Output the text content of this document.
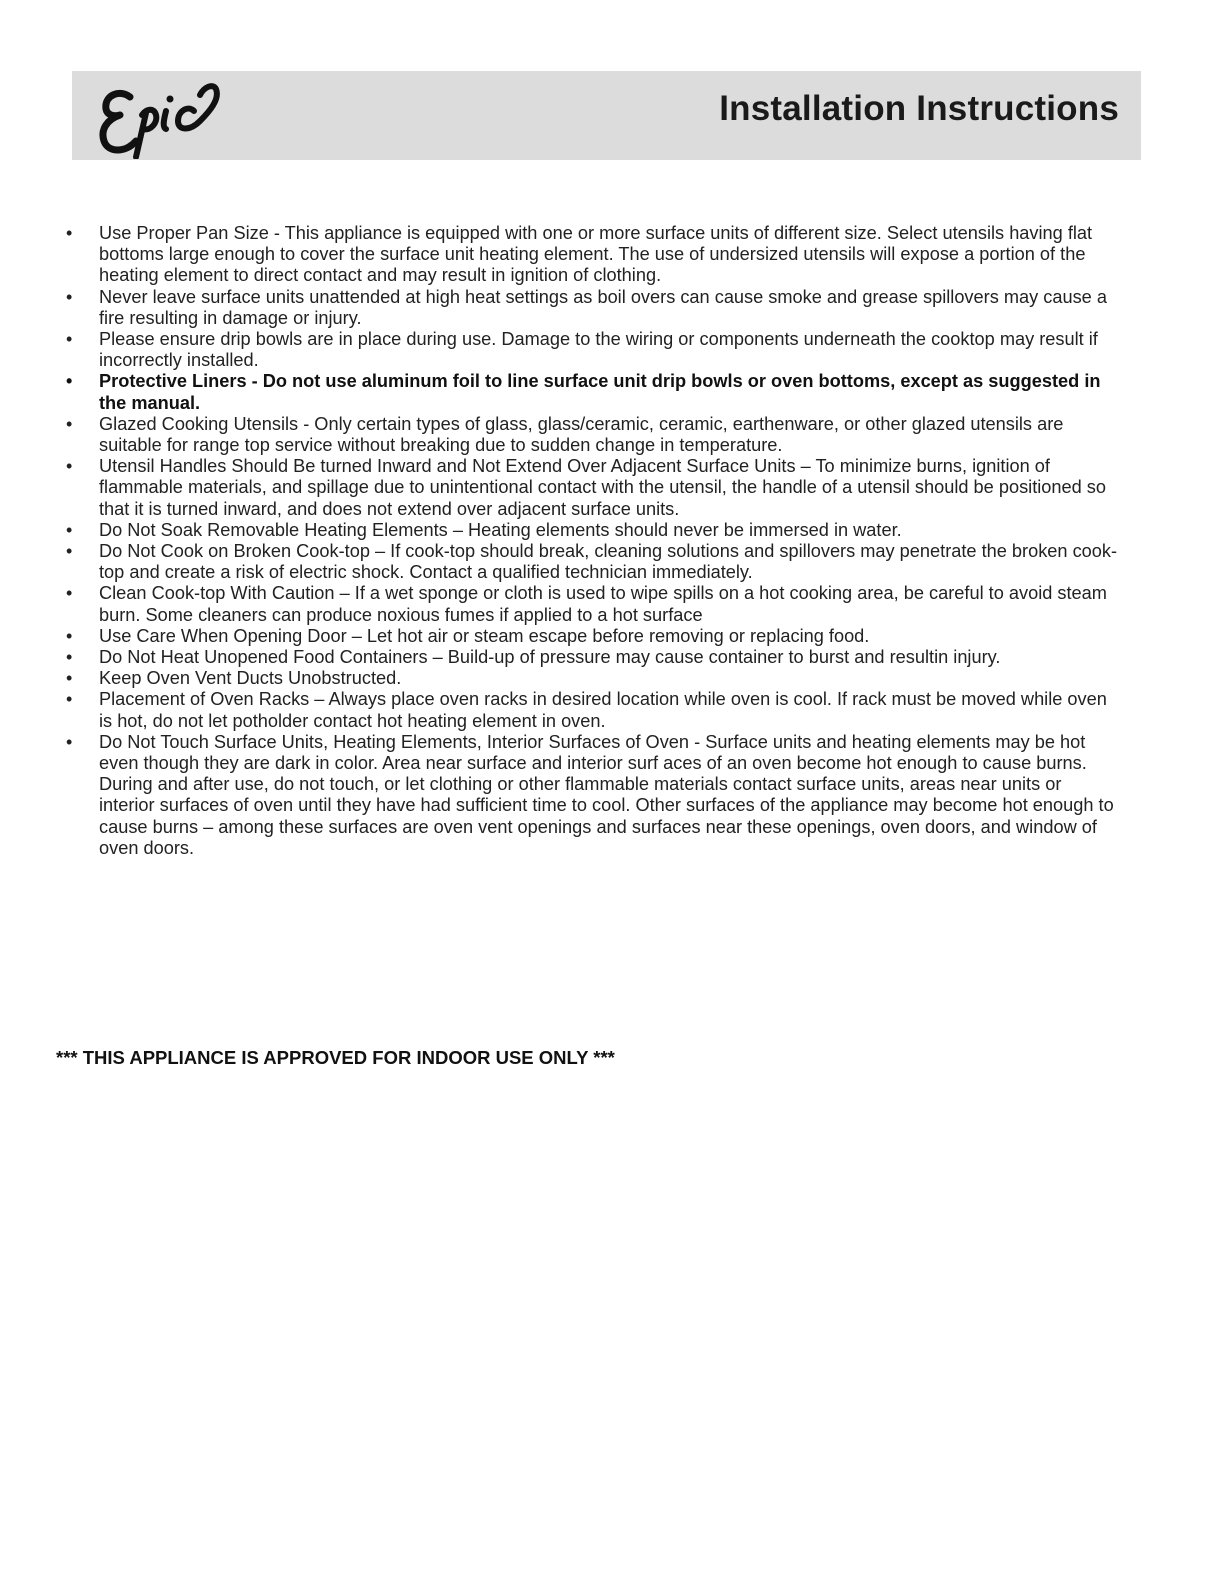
Installation Instructions
• Use Proper Pan Size - This appliance is equipped with one or more surface units of different size. Select utensils having flat bottoms large enough to cover the surface unit heating element. The use of undersized utensils will expose a portion of the heating element to direct contact and may result in ignition of clothing.
• Never leave surface units unattended at high heat settings as boil overs can cause smoke and grease spillovers may cause a fire resulting in damage or injury.
• Please ensure drip bowls are in place during use. Damage to the wiring or components underneath the cooktop may result if incorrectly installed.
• Protective Liners - Do not use aluminum foil to line surface unit drip bowls or oven bottoms, except as suggested in the manual.
• Glazed Cooking Utensils - Only certain types of glass, glass/ceramic, ceramic, earthenware, or other glazed utensils are suitable for range top service without breaking due to sudden change in temperature.
• Utensil Handles Should Be turned Inward and Not Extend Over Adjacent Surface Units – To minimize burns, ignition of flammable materials, and spillage due to unintentional contact with the utensil, the handle of a utensil should be positioned so that it is turned inward, and does not extend over adjacent surface units.
• Do Not Soak Removable Heating Elements – Heating elements should never be immersed in water.
• Do Not Cook on Broken Cook-top – If cook-top should break, cleaning solutions and spillovers may penetrate the broken cook-top and create a risk of electric shock. Contact a qualified technician immediately.
• Clean Cook-top With Caution – If a wet sponge or cloth is used to wipe spills on a hot cooking area, be careful to avoid steam burn. Some cleaners can produce noxious fumes if applied to a hot surface
• Use Care When Opening Door – Let hot air or steam escape before removing or replacing food.
• Do Not Heat Unopened Food Containers – Build-up of pressure may cause container to burst and resultin injury.
• Keep Oven Vent Ducts Unobstructed.
• Placement of Oven Racks – Always place oven racks in desired location while oven is cool. If rack must be moved while oven is hot, do not let potholder contact hot heating element in oven.
• Do Not Touch Surface Units, Heating Elements, Interior Surfaces of Oven - Surface units and heating elements may be hot even though they are dark in color. Area near surface and interior surf aces of an oven become hot enough to cause burns. During and after use, do not touch, or let clothing or other flammable materials contact surface units, areas near units or interior surfaces of oven until they have had sufficient time to cool. Other surfaces of the appliance may become hot enough to cause burns – among these surfaces are oven vent openings and surfaces near these openings, oven doors, and window of oven doors.
*** THIS APPLIANCE IS APPROVED FOR INDOOR USE ONLY ***
